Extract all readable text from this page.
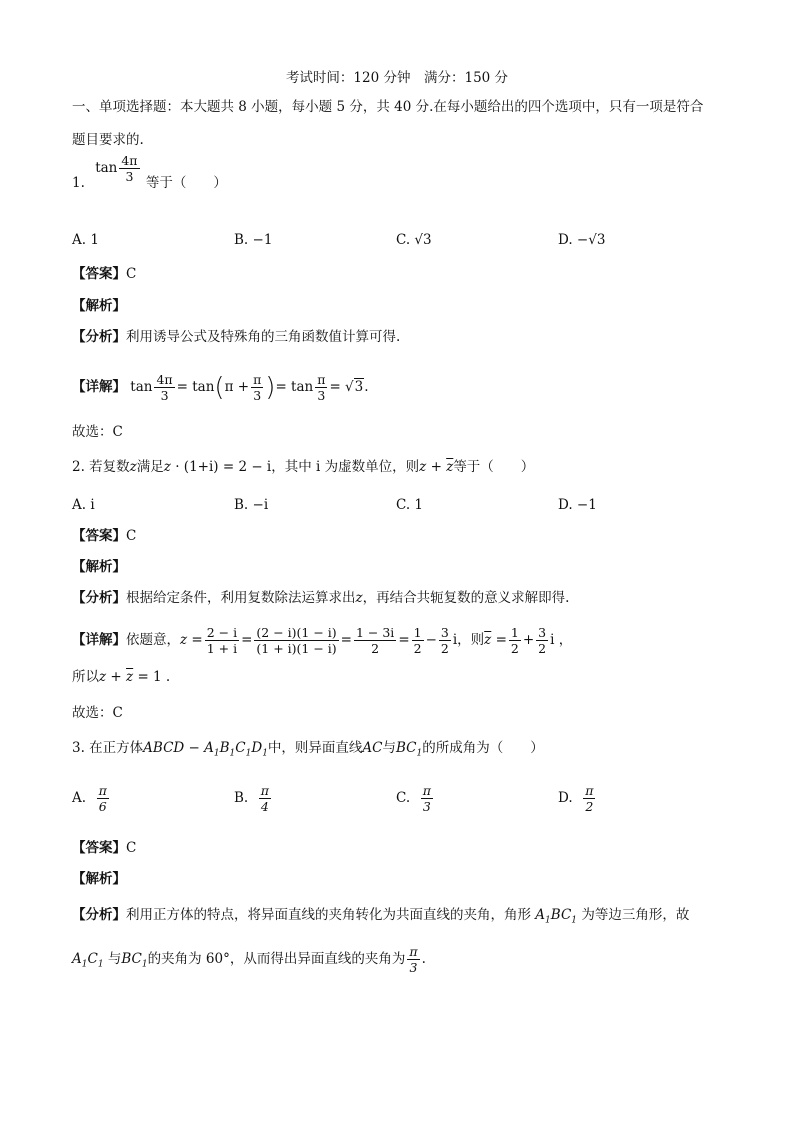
考试时间：120 分钟　满分：150 分
一、单项选择题：本大题共 8 小题，每小题 5 分，共 40 分.在每小题给出的四个选项中，只有一项是符合
题目要求的.
1. $\tan \frac{4\pi}{3}$ 等于（　　）
A. 1	B. −1	C. √3	D. −√3
【答案】C
【解析】
【分析】利用诱导公式及特殊角的三角函数值计算可得.
【详解】 $\tan \frac{4\pi}{3} = \tan(\pi + \frac{\pi}{3}$ )= $\tan \frac{\pi}{3} = √3$.
故选：C
2. 若复数z满足z · (1+i) = 2 − i，其中 i 为虚数单位，则$z + \overline{z}$等于（　　）
A. i	B. −i	C. 1	D. −1
【答案】C
【解析】
【分析】根据给定条件，利用复数除法运算求出z，再结合共轭复数的意义求解即得.
【详解】依题意，$z = \frac{2 - i}{1 + i} = \frac{(2 - i)(1 - i)}{(1 + i)(1 - i)} = \frac{1 - 3i}{2} = \frac{1}{2} - \frac{3}{2}$ i，则$\overline{z} = \frac{1}{2} + \frac{3}{2}$ i ，
所以$z + \overline{z} = 1$ .
故选：C
3. 在正方体ABCD − $A_1B_1C_1D_1$中，则异面直线AC与$BC_1$的所成角为（　　）
A. $\frac{\pi}{6}$	B. $\frac{\pi}{4}$	C. $\frac{\pi}{3}$	D. $\frac{\pi}{2}$
【答案】C
【解析】
【分析】利用正方体的特点，将异面直线的夹角转化为共面直线的夹角，角形 $A_1BC_1$ 为等边三角形，故
$A_1C_1$ 与$BC_1$的夹角为 60°，从而得出异面直线的夹角为 $\frac{\pi}{3}$ .
